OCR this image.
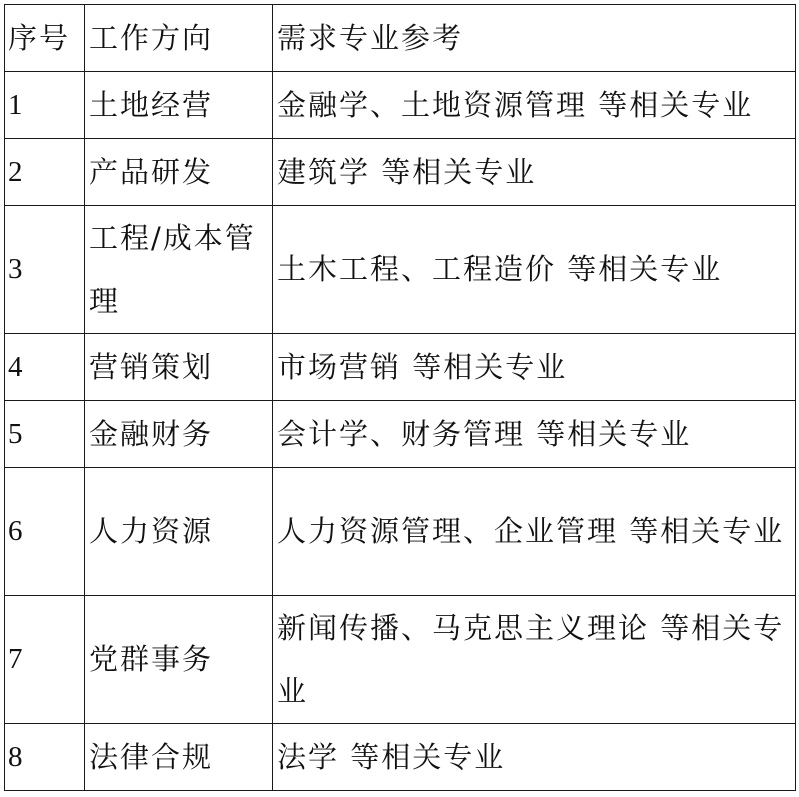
序号	工作方向	需求专业参考
1	土地经营	金融学、土地资源管理 等相关专业
2	产品研发	建筑学 等相关专业
3	工程/成本管理	土木工程、工程造价 等相关专业
4	营销策划	市场营销 等相关专业
5	金融财务	会计学、财务管理 等相关专业
6	人力资源	人力资源管理、企业管理 等相关专业
7	党群事务	新闻传播、马克思主义理论 等相关专业
8	法律合规	法学 等相关专业
